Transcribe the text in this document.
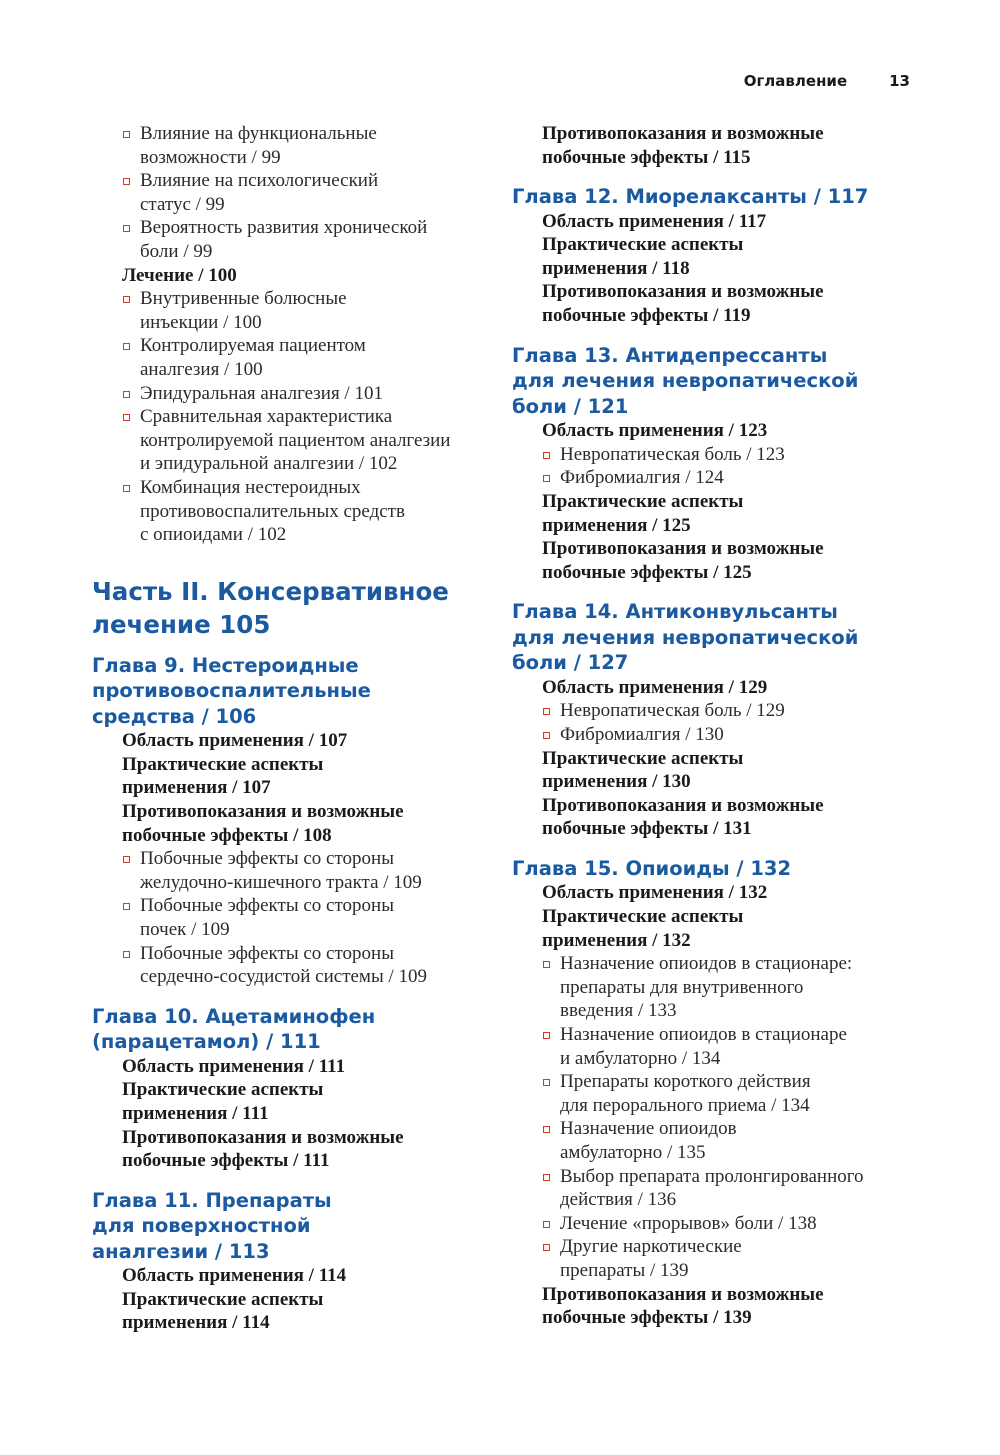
Оглавление	13
Влияние на функциональные
возможности / 99
Влияние на психологический
статус / 99
Вероятность развития хронической
боли / 99
Лечение / 100
Внутривенные болюсные
инъекции / 100
Контролируемая пациентом
аналгезия / 100
Эпидуральная аналгезия / 101
Сравнительная характеристика
контролируемой пациентом аналгезии
и эпидуральной аналгезии / 102
Комбинация нестероидных
противовоспалительных средств
с опиоидами / 102
Часть II. Консервативное
лечение 105
Глава 9. Нестероидные
противовоспалительные
средства / 106
Область применения / 107
Практические аспекты
применения / 107
Противопоказания и возможные
побочные эффекты / 108
Побочные эффекты со стороны
желудочно-кишечного тракта / 109
Побочные эффекты со стороны
почек / 109
Побочные эффекты со стороны
сердечно-сосудистой системы / 109
Глава 10. Ацетаминофен
(парацетамол) / 111
Область применения / 111
Практические аспекты
применения / 111
Противопоказания и возможные
побочные эффекты / 111
Глава 11. Препараты
для поверхностной
аналгезии / 113
Область применения / 114
Практические аспекты
применения / 114
Противопоказания и возможные
побочные эффекты / 115
Глава 12. Миорелаксанты / 117
Область применения / 117
Практические аспекты
применения / 118
Противопоказания и возможные
побочные эффекты / 119
Глава 13. Антидепрессанты
для лечения невропатической
боли / 121
Область применения / 123
Невропатическая боль / 123
Фибромиалгия / 124
Практические аспекты
применения / 125
Противопоказания и возможные
побочные эффекты / 125
Глава 14. Антиконвульсанты
для лечения невропатической
боли / 127
Область применения / 129
Невропатическая боль / 129
Фибромиалгия / 130
Практические аспекты
применения / 130
Противопоказания и возможные
побочные эффекты / 131
Глава 15. Опиоиды / 132
Область применения / 132
Практические аспекты
применения / 132
Назначение опиоидов в стационаре:
препараты для внутривенного
введения / 133
Назначение опиоидов в стационаре
и амбулаторно / 134
Препараты короткого действия
для перорального приема / 134
Назначение опиоидов
амбулаторно / 135
Выбор препарата пролонгированного
действия / 136
Лечение «прорывов» боли / 138
Другие наркотические
препараты / 139
Противопоказания и возможные
побочные эффекты / 139
